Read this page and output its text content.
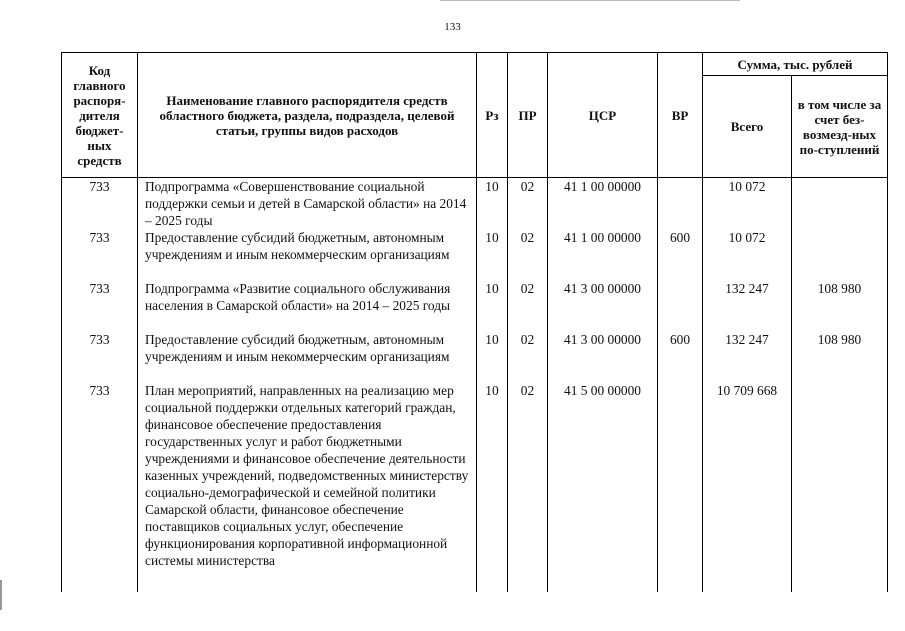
133
Код главного распоря-дителя бюджет-ных средств	Наименование главного распорядителя средств областного бюджета, раздела, подраздела, целевой статьи, группы видов расходов	Рз	ПР	ЦСР	ВР	Сумма, тыс. рублей	
						Всего	в том числе за счет без-возмезд-ных по-ступлений
733	Подпрограмма «Совершенствование социальной поддержки семьи и детей в Самарской области» на 2014 – 2025 годы	10	02	41 1 00 00000		10 072	
733	Предоставление субсидий бюджетным, автономным учреждениям и иным некоммерческим организациям	10	02	41 1 00 00000	600	10 072	
733	Подпрограмма «Развитие социального обслуживания населения в Самарской области» на 2014 – 2025 годы	10	02	41 3 00 00000		132 247	108 980
733	Предоставление субсидий бюджетным, автономным учреждениям и иным некоммерческим организациям	10	02	41 3 00 00000	600	132 247	108 980
733	План мероприятий, направленных на реализацию мер социальной поддержки отдельных категорий граждан, финансовое обеспечение предоставления государственных услуг и работ бюджетными учреждениями и финансовое обеспечение деятельности казенных учреждений, подведомственных министерству социально-демографической и семейной политики Самарской области, финансовое обеспечение поставщиков социальных услуг, обеспечение функционирования корпоративной информационной системы министерства	10	02	41 5 00 00000		10 709 668	
